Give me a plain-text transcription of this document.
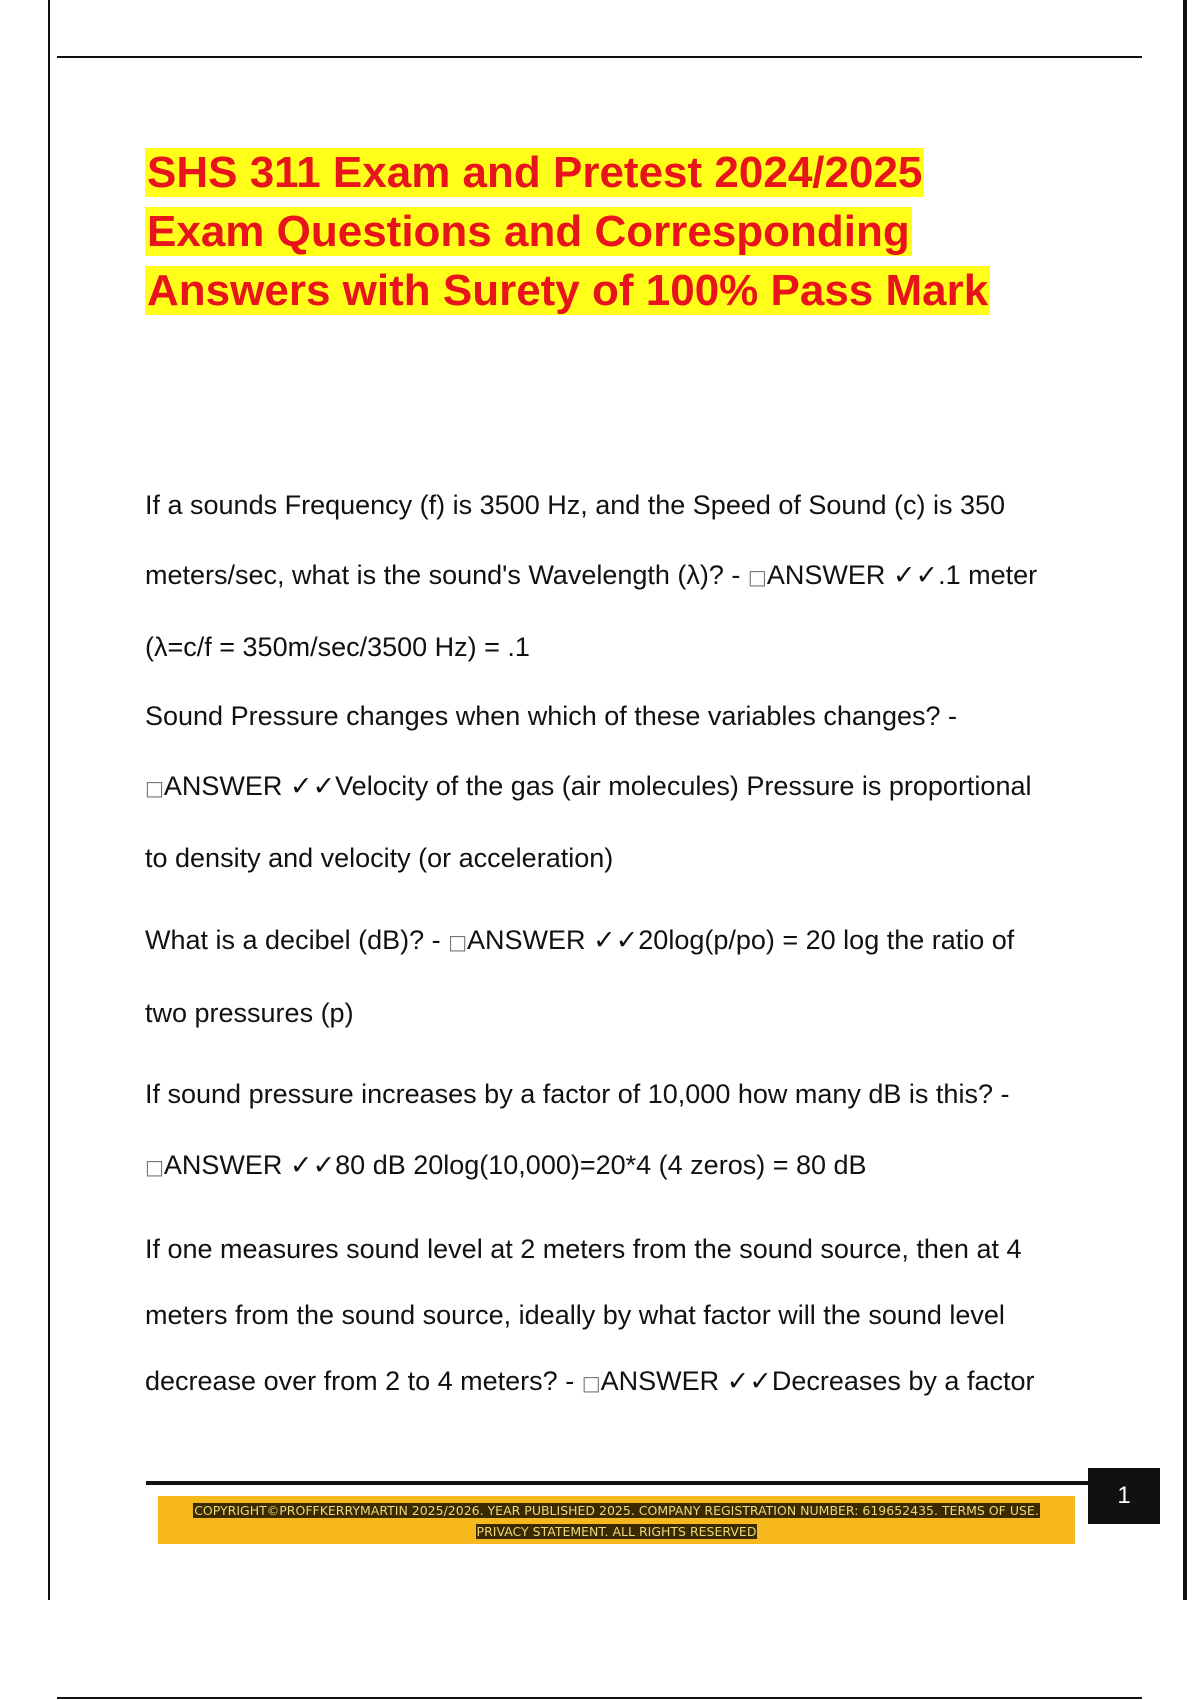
SHS 311 Exam and Pretest 2024/2025
Exam Questions and Corresponding
Answers with Surety of 100% Pass Mark
If a sounds Frequency (f) is 3500 Hz, and the Speed of Sound (c) is 350
meters/sec, what is the sound's Wavelength (λ)? - □ANSWER ✓✓.1 meter
(λ=c/f = 350m/sec/3500 Hz) = .1
Sound Pressure changes when which of these variables changes? -
□ANSWER ✓✓Velocity of the gas (air molecules) Pressure is proportional
to density and velocity (or acceleration)
What is a decibel (dB)? - □ANSWER ✓✓20log(p/po) = 20 log the ratio of
two pressures (p)
If sound pressure increases by a factor of 10,000 how many dB is this? -
□ANSWER ✓✓80 dB 20log(10,000)=20*4 (4 zeros) = 80 dB
If one measures sound level at 2 meters from the sound source, then at 4
meters from the sound source, ideally by what factor will the sound level
decrease over from 2 to 4 meters? - □ANSWER ✓✓Decreases by a factor
1
COPYRIGHT©PROFFKERRYMARTIN 2025/2026. YEAR PUBLISHED 2025. COMPANY REGISTRATION NUMBER: 619652435. TERMS OF USE.
PRIVACY STATEMENT. ALL RIGHTS RESERVED
